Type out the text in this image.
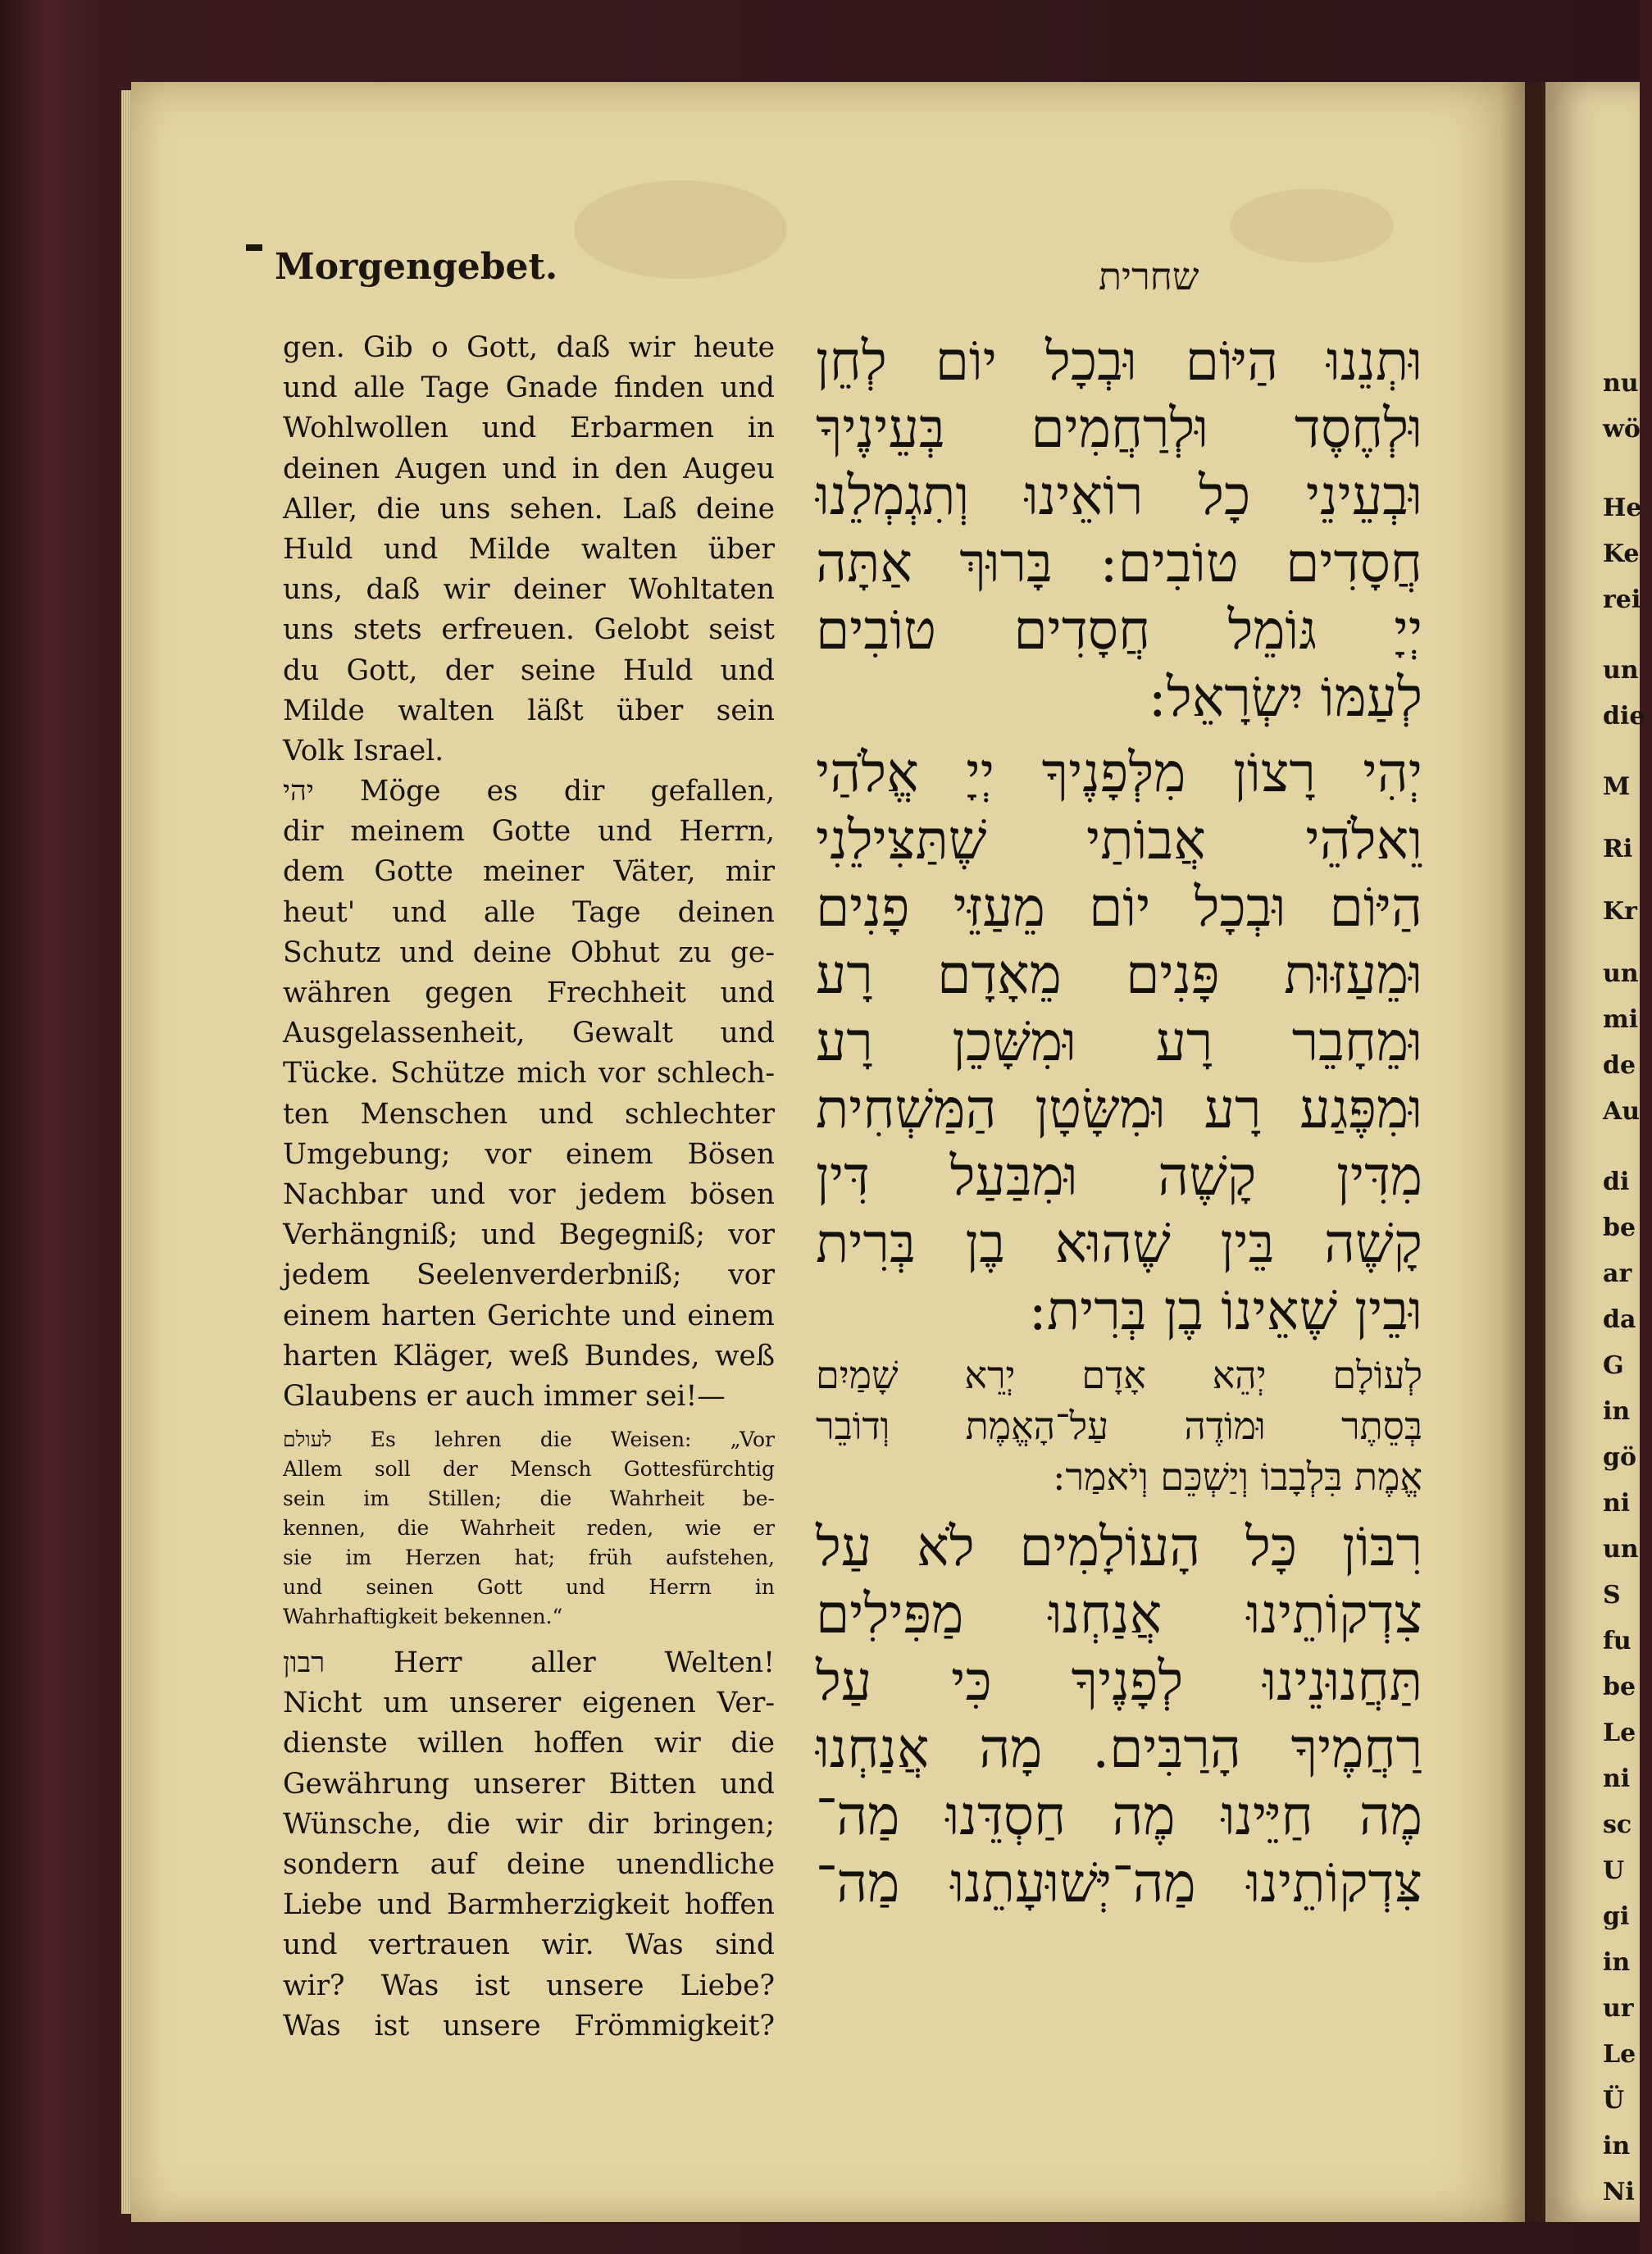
Morgengebet.	שחרית
gen. Gib o Gott, daß wir heute
und alle Tage Gnade finden und
Wohlwollen und Erbarmen in
deinen Augen und in den Augeu
Aller, die uns sehen. Laß deine
Huld und Milde walten über
uns, daß wir deiner Wohltaten
uns stets erfreuen. Gelobt seist
du Gott, der seine Huld und
Milde walten läßt über sein
Volk Israel.
יהי Möge es dir gefallen,
dir meinem Gotte und Herrn,
dem Gotte meiner Väter, mir
heut' und alle Tage deinen
Schutz und deine Obhut zu ge-
währen gegen Frechheit und
Ausgelassenheit, Gewalt und
Tücke. Schütze mich vor schlech-
ten Menschen und schlechter
Umgebung; vor einem Bösen
Nachbar und vor jedem bösen
Verhängniß; und Begegniß; vor
jedem Seelenverderbniß; vor
einem harten Gerichte und einem
harten Kläger, weß Bundes, weß
Glaubens er auch immer sei!—
לעולם Es lehren die Weisen: „Vor
Allem soll der Mensch Gottesfürchtig
sein im Stillen; die Wahrheit be-
kennen, die Wahrheit reden, wie er
sie im Herzen hat; früh aufstehen,
und seinen Gott und Herrn in
Wahrhaftigkeit bekennen.“
רבון Herr aller Welten!
Nicht um unserer eigenen Ver-
dienste willen hoffen wir die
Gewährung unserer Bitten und
Wünsche, die wir dir bringen;
sondern auf deine unendliche
Liebe und Barmherzigkeit hoffen
und vertrauen wir. Was sind
wir? Was ist unsere Liebe?
Was ist unsere Frömmigkeit?
וּתְנֵנוּ הַיּוֹם וּבְכָל יוֹם לְחֵן
וּלְחֶסֶד וּלְרַחֲמִים בְּעֵינֶיךָ
וּבְעֵינֵי כָל רוֹאֵינוּ וְתִגְמְלֵנוּ
חֲסָדִים טוֹבִים: בָּרוּךְ אַתָּה
יְיָ גּוֹמֵל חֲסָדִים טוֹבִים
לְעַמּוֹ יִשְׂרָאֵל:
יְהִי רָצוֹן מִלְּפָנֶיךָ יְיָ אֱלֹהַי
וֵאלֹהֵי אֲבוֹתַי שֶׁתַּצִּילֵנִי
הַיּוֹם וּבְכָל יוֹם מֵעַזֵּי פָנִים
וּמֵעַזּוּת פָּנִים מֵאָדָם רָע
וּמֵחָבֵר רָע וּמִשָּׁכֵן רָע
וּמִפֶּגַע רָע וּמִשָּׂטָן הַמַּשְׁחִית
מִדִּין קָשֶׁה וּמִבַּעַל דִּין
קָשֶׁה בֵּין שֶׁהוּא בֶן בְּרִית
וּבֵין שֶׁאֵינוֹ בֶן בְּרִית:
לְעוֹלָם יְהֵא אָדָם יְרֵא שָׁמַיִם
בְּסֵתֶר וּמוֹדֶה עַל־הָאֱמֶת וְדוֹבֵר
אֱמֶת בִּלְבָבוֹ וְיַשְׁכֵּם וְיֹאמַר:
רִבּוֹן כָּל הָעוֹלָמִים לֹא עַל
צִדְקוֹתֵינוּ אֲנַחְנוּ מַפִּילִים
תַּחֲנוּנֵינוּ לְפָנֶיךָ כִּי עַל
רַחֲמֶיךָ הָרַבִּים. מָה אֲנַחְנוּ
מֶה חַיֵּינוּ מֶה חַסְדֵּנוּ מַה־
צִּדְקוֹתֵינוּ מַה־יְּשׁוּעָתֵנוּ מַה־
nu
wö
He
Ke
rei
un
die
M
Ri
Kr
un
mi
de
Au
di
be
ar
da
G
in
gö
ni
un
S
fu
be
Le
ni
sc
U
gi
in
ur
Le
Ü
in
Ni
